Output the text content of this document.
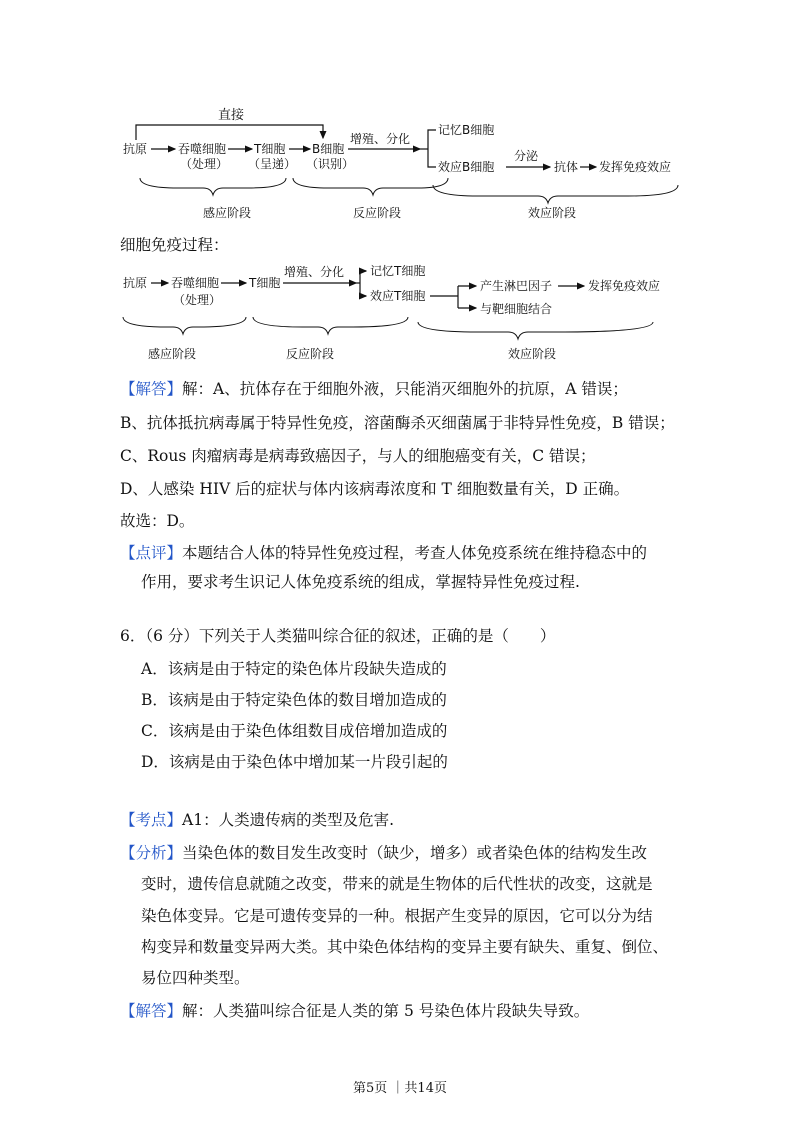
直接
抗原	吞噬细胞
（处理）
T细胞
（呈递）
B细胞
（识别）
增殖、分化
记忆B细胞
效应B细胞
分泌
抗体 发挥免疫效应
感应阶段	反应阶段	效应阶段
细胞免疫过程：
抗原 吞噬细胞
（处理）
T细胞
增殖、分化 记忆T细胞
效应T细胞
产生淋巴因子	发挥免疫效应
与靶细胞结合
感应阶段	反应阶段	效应阶段
【解答】解：A、抗体存在于细胞外液，只能消灭细胞外的抗原，A 错误；
B、抗体抵抗病毒属于特异性免疫，溶菌酶杀灭细菌属于非特异性免疫，B 错误；
C、Rous 肉瘤病毒是病毒致癌因子，与人的细胞癌变有关，C 错误；
D、人感染 HIV 后的症状与体内该病毒浓度和 T 细胞数量有关，D 正确。
故选：D。
【点评】本题结合人体的特异性免疫过程，考查人体免疫系统在维持稳态中的
作用，要求考生识记人体免疫系统的组成，掌握特异性免疫过程.
6．（6 分）下列关于人类猫叫综合征的叙述，正确的是（　　）
A．该病是由于特定的染色体片段缺失造成的
B．该病是由于特定染色体的数目增加造成的
C．该病是由于染色体组数目成倍增加造成的
D．该病是由于染色体中增加某一片段引起的
【考点】A1：人类遗传病的类型及危害.
【分析】当染色体的数目发生改变时（缺少，增多）或者染色体的结构发生改
变时，遗传信息就随之改变，带来的就是生物体的后代性状的改变，这就是
染色体变异。它是可遗传变异的一种。根据产生变异的原因，它可以分为结
构变异和数量变异两大类。其中染色体结构的变异主要有缺失、重复、倒位、
易位四种类型。
【解答】解：人类猫叫综合征是人类的第 5 号染色体片段缺失导致。
第5页 ｜共14页
